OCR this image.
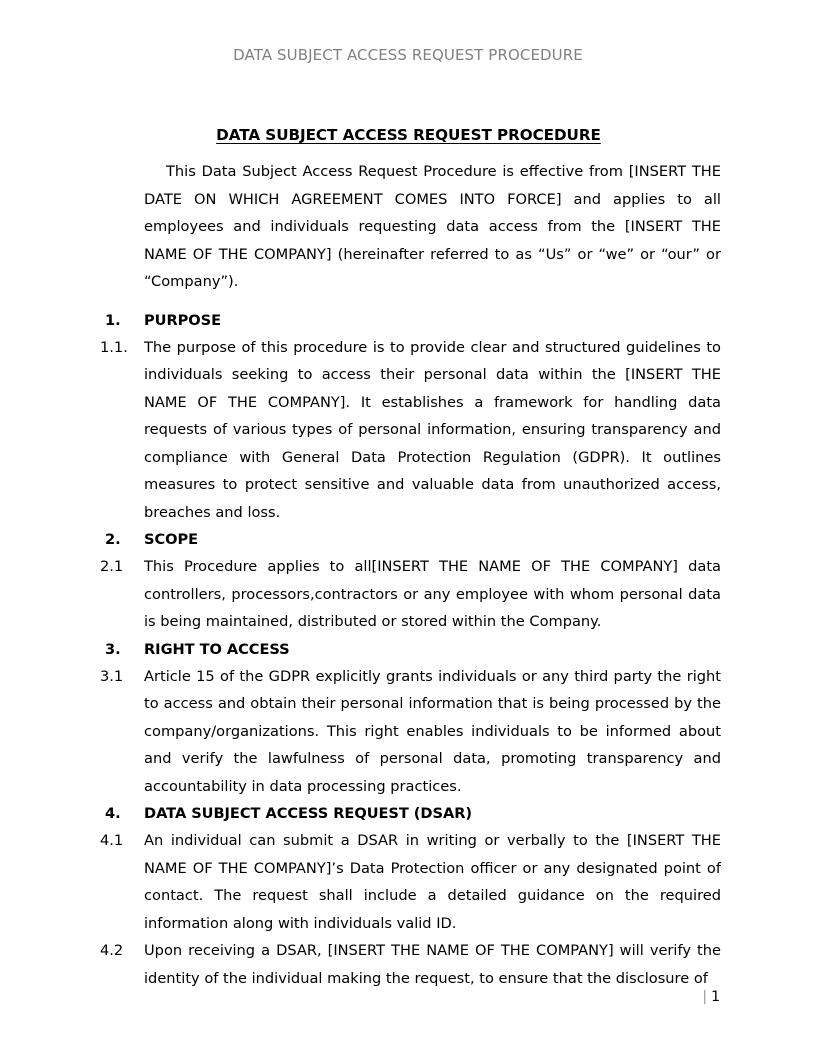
DATA SUBJECT ACCESS REQUEST PROCEDURE
DATA SUBJECT ACCESS REQUEST PROCEDURE

This Data Subject Access Request Procedure is effective from [INSERT THE DATE ON WHICH AGREEMENT COMES INTO FORCE] and applies to all employees and individuals requesting data access from the [INSERT THE NAME OF THE COMPANY] (hereinafter referred to as “Us” or “we” or “our” or “Company”).

1.	PURPOSE
1.1.	The purpose of this procedure is to provide clear and structured guidelines to individuals seeking to access their personal data within the [INSERT THE NAME OF THE COMPANY]. It establishes a framework for handling data requests of various types of personal information, ensuring transparency and compliance with General Data Protection Regulation (GDPR). It outlines measures to protect sensitive and valuable data from unauthorized access, breaches and loss.
2.	SCOPE
2.1	This Procedure applies to all[INSERT THE NAME OF THE COMPANY] data controllers, processors,contractors or any employee with whom personal data is being maintained, distributed or stored within the Company.
3.	RIGHT TO ACCESS
3.1	Article 15 of the GDPR explicitly grants individuals or any third party the right to access and obtain their personal information that is being processed by the company/organizations. This right enables individuals to be informed about and verify the lawfulness of personal data, promoting transparency and accountability in data processing practices.
4.	DATA SUBJECT ACCESS REQUEST (DSAR)
4.1	An individual can submit a DSAR in writing or verbally to the [INSERT THE NAME OF THE COMPANY]’s Data Protection officer or any designated point of contact. The request shall include a detailed guidance on the required information along with individuals valid ID.
4.2	Upon receiving a DSAR, [INSERT THE NAME OF THE COMPANY] will verify the identity of the individual making the request, to ensure that the disclosure of
| 1
